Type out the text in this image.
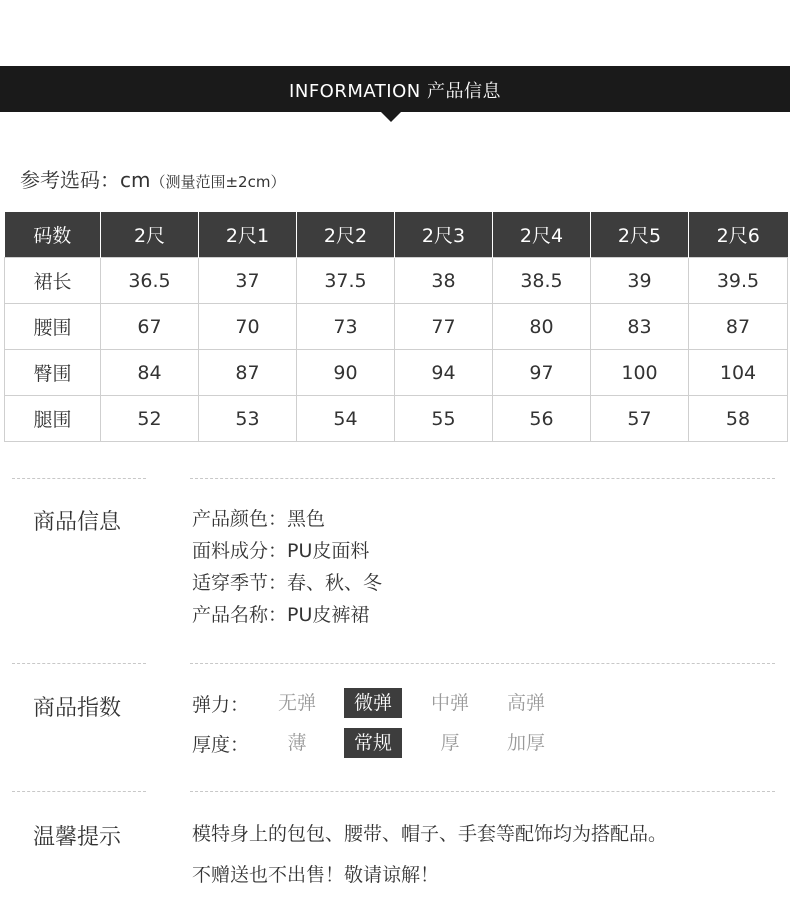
INFORMATION 产品信息
参考选码：cm（测量范围±2cm）
码数	2尺	2尺1	2尺2	2尺3	2尺4	2尺5	2尺6
裙长	36.5	37	37.5	38	38.5	39	39.5
腰围	67	70	73	77	80	83	87
臀围	84	87	90	94	97	100	104
腿围	52	53	54	55	56	57	58
商品信息	产品颜色：黑色
面料成分：PU皮面料
适穿季节：春、秋、冬
产品名称：PU皮裤裙
商品指数	弹力：	无弹	微弹	中弹	高弹
厚度：	薄	常规	厚	加厚
温馨提示	模特身上的包包、腰带、帽子、手套等配饰均为搭配品。
不赠送也不出售！敬请谅解！
